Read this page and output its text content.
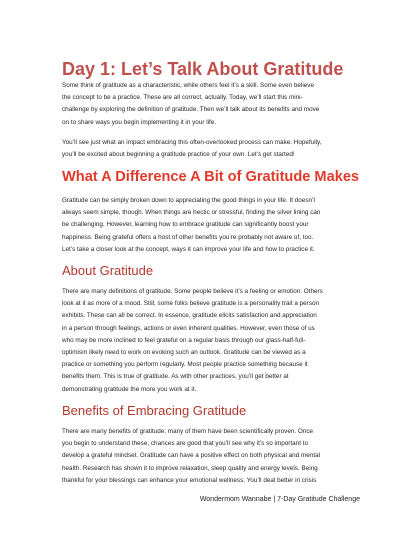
Day 1: Let’s Talk About Gratitude
Some think of gratitude as a characteristic, while others feel it’s a skill. Some even believe
the concept to be a practice. These are all correct, actually. Today, we’ll start this mini-
challenge by exploring the definition of gratitude. Then we’ll talk about its benefits and move
on to share ways you begin implementing it in your life.
You’ll see just what an impact embracing this often-overlooked process can make. Hopefully,
you’ll be excited about beginning a gratitude practice of your own. Let’s get started!
What A Difference A Bit of Gratitude Makes
Gratitude can be simply broken down to appreciating the good things in your life. It doesn’t
always seem simple, though. When things are hectic or stressful, finding the silver lining can
be challenging. However, learning how to embrace gratitude can significantly boost your
happiness. Being grateful offers a host of other benefits you’re probably not aware of, too.
Let’s take a closer look at the concept, ways it can improve your life and how to practice it.
About Gratitude
There are many definitions of gratitude. Some people believe it’s a feeling or emotion. Others
look at it as more of a mood. Still, some folks believe gratitude is a personality trait a person
exhibits. These can all be correct. In essence, gratitude elicits satisfaction and appreciation
in a person through feelings, actions or even inherent qualities. However, even those of us
who may be more inclined to feel grateful on a regular basis through our glass-half-full-
optimism likely need to work on evoking such an outlook. Gratitude can be viewed as a
practice or something you perform regularly. Most people practice something because it
benefits them. This is true of gratitude. As with other practices, you’ll get better at
demonstrating gratitude the more you work at it.
Benefits of Embracing Gratitude
There are many benefits of gratitude; many of them have been scientifically proven. Once
you begin to understand these, chances are good that you’ll see why it’s so important to
develop a grateful mindset. Gratitude can have a positive effect on both physical and mental
health. Research has shown it to improve relaxation, sleep quality and energy levels. Being
thankful for your blessings can enhance your emotional wellness. You’ll deal better in crisis
Wondermom Wannabe | 7-Day Gratitude Challenge
